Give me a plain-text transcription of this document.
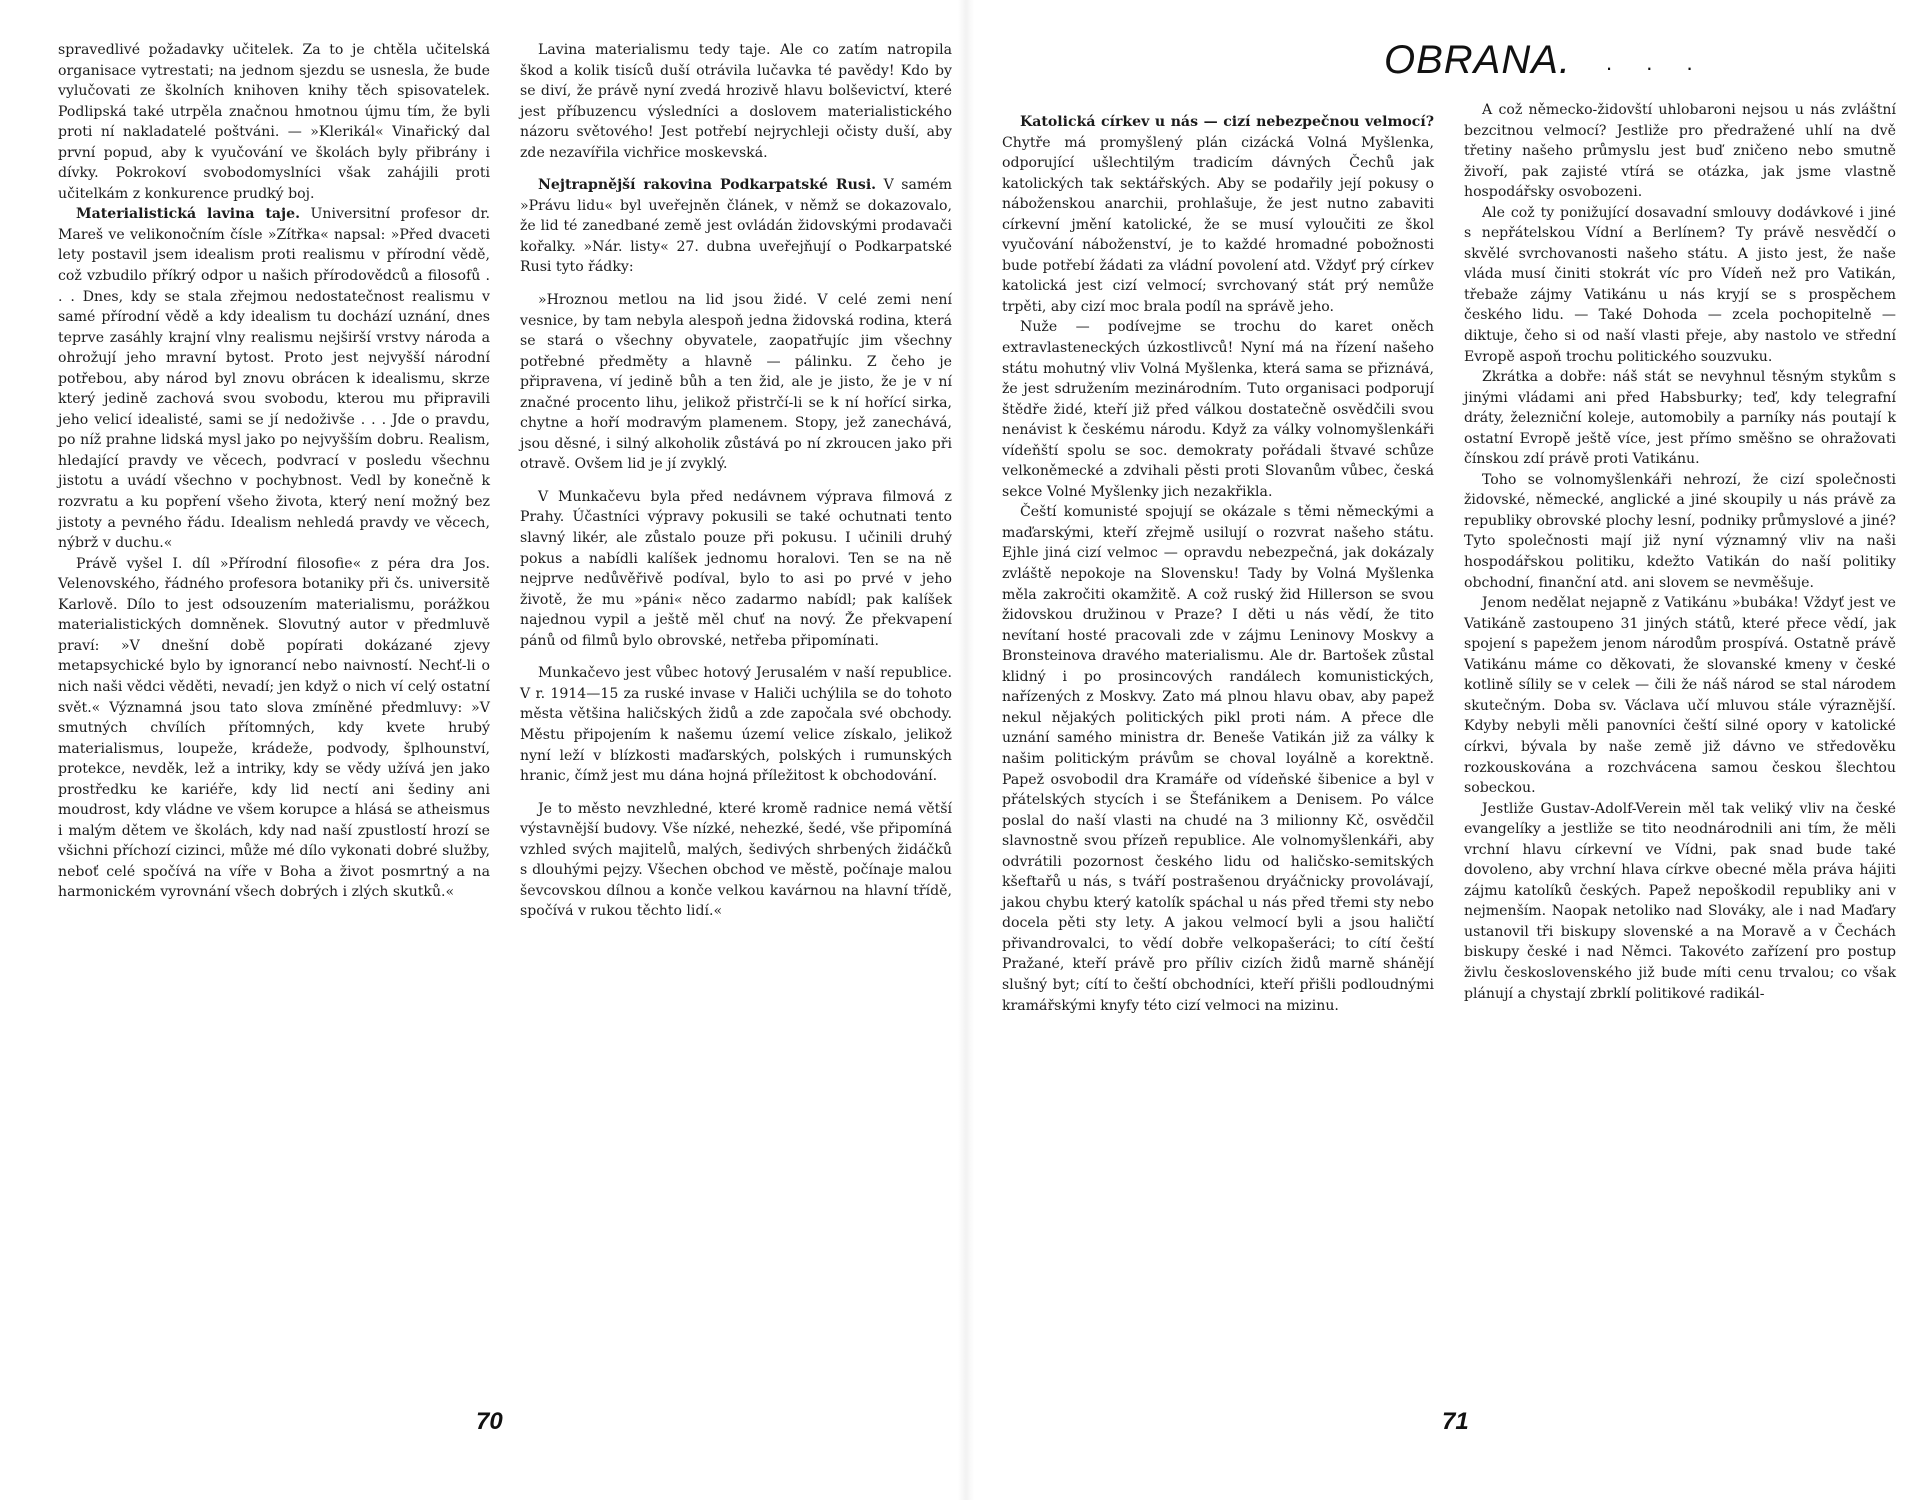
spravedlivé požadavky učitelek. Za to je chtěla učitelská organisace vytrestati; na jednom sjezdu se usnesla, že bude vylučovati ze školních knihoven knihy těch spisovatelek. Podlipská také utrpěla značnou hmotnou újmu tím, že byli proti ní nakladatelé poštváni. — »Klerikál« Vinařický dal první popud, aby k vyučování ve školách byly přibrány i dívky. Pokrokoví svobodomyslníci však zahájili proti učitelkám z konkurence prudký boj.

Materialistická lavina taje. Universitní profesor dr. Mareš ve velikonočním čísle »Zítřka« napsal: »Před dvaceti lety postavil jsem idealism proti realismu v přírodní vědě, což vzbudilo příkrý odpor u našich přírodovědců a filosofů . . . Dnes, kdy se stala zřejmou nedostatečnost realismu v samé přírodní vědě a kdy idealism tu dochází uznání, dnes teprve zasáhly krajní vlny realismu nejširší vrstvy národa a ohrožují jeho mravní bytost. Proto jest nejvyšší národní potřebou, aby národ byl znovu obrácen k idealismu, skrze který jedině zachová svou svobodu, kterou mu připravili jeho velicí idealisté, sami se jí nedoživše . . . Jde o pravdu, po níž prahne lidská mysl jako po nejvyšším dobru. Realism, hledající pravdy ve věcech, podvrací v posledu všechnu jistotu a uvádí všechno v pochybnost. Vedl by konečně k rozvratu a ku popření všeho života, který není možný bez jistoty a pevného řádu. Idealism nehledá pravdy ve věcech, nýbrž v duchu.«

Právě vyšel I. díl »Přírodní filosofie« z péra dra Jos. Velenovského, řádného profesora botaniky při čs. universitě Karlově. Dílo to jest odsouzením materialismu, porážkou materialistických domněnek. Slovutný autor v předmluvě praví: »V dnešní době popírati dokázané zjevy metapsychické bylo by ignorancí nebo naivností. Nechť-li o nich naši vědci věděti, nevadí; jen když o nich ví celý ostatní svět.« Významná jsou tato slova zmíněné předmluvy: »V smutných chvílích přítomných, kdy kvete hrubý materialismus, loupeže, krádeže, podvody, šplhounství, protekce, nevděk, lež a intriky, kdy se vědy užívá jen jako prostředku ke kariéře, kdy lid nectí ani šediny ani moudrost, kdy vládne ve všem korupce a hlásá se atheismus i malým dětem ve školách, kdy nad naší zpustlostí hrozí se všichni příchozí cizinci, může mé dílo vykonati dobré služby, neboť celé spočívá na víře v Boha a život posmrtný a na harmonickém vyrovnání všech dobrých i zlých skutků.«

Lavina materialismu tedy taje. Ale co zatím natropila škod a kolik tisíců duší otrávila lučavka té pavědy! Kdo by se diví, že právě nyní zvedá hrozivě hlavu bolševictví, které jest příbuzencu výsledníci a doslovem materialistického názoru světového! Jest potřebí nejrychleji očisty duší, aby zde nezavířila vichřice moskevská.

Nejtrapnější rakovina Podkarpatské Rusi. V samém »Právu lidu« byl uveřejněn článek, v němž se dokazovalo, že lid té zanedbané země jest ovládán židovskými prodavači kořalky. »Nár. listy« 27. dubna uveřejňují o Podkarpatské Rusi tyto řádky:

»Hroznou metlou na lid jsou židé. V celé zemi není vesnice, by tam nebyla alespoň jedna židovská rodina, která se stará o všechny obyvatele, zaopatřujíc jim všechny potřebné předměty a hlavně — pálinku. Z čeho je připravena, ví jedině bůh a ten žid, ale je jisto, že je v ní značné procento lihu, jelikož přistrčí-li se k ní hořící sirka, chytne a hoří modravým plamenem. Stopy, jež zanechává, jsou děsné, i silný alkoholik zůstává po ní zkroucen jako při otravě. Ovšem lid je jí zvyklý.

V Munkačevu byla před nedávnem výprava filmová z Prahy. Účastníci výpravy pokusili se také ochutnati tento slavný likér, ale zůstalo pouze při pokusu. I učinili druhý pokus a nabídli kalíšek jednomu horalovi. Ten se na ně nejprve nedůvěřivě podíval, bylo to asi po prvé v jeho životě, že mu »páni« něco zadarmo nabídl; pak kalíšek najednou vypil a ještě měl chuť na nový. Že překvapení pánů od filmů bylo obrovské, netřeba připomínati.

Munkačevo jest vůbec hotový Jerusalém v naší republice. V r. 1914—15 za ruské invase v Haliči uchýlila se do tohoto města většina haličských židů a zde započala své obchody. Městu připojením k našemu území velice získalo, jelikož nyní leží v blízkosti maďarských, polských i rumunských hranic, čímž jest mu dána hojná příležitost k obchodování.

Je to město nevzhledné, které kromě radnice nemá větší výstavnější budovy. Vše nízké, nehezké, šedé, vše připomíná vzhled svých majitelů, malých, šedivých shrbených židáčků s dlouhými pejzy. Všechen obchod ve městě, počínaje malou ševcovskou dílnou a konče velkou kavárnou na hlavní třídě, spočívá v rukou těchto lidí.«

70
OBRANA. . . .

Katolická církev u nás — cizí nebezpečnou velmocí? Chytře má promyšlený plán cizácká Volná Myšlenka, odporující ušlechtilým tradicím dávných Čechů jak katolických tak sektářských. Aby se podařily její pokusy o náboženskou anarchii, prohlašuje, že jest nutno zabaviti církevní jmění katolické, že se musí vyloučiti ze škol vyučování náboženství, je to každé hromadné pobožnosti bude potřebí žádati za vládní povolení atd. Vždyť prý církev katolická jest cizí velmocí; svrchovaný stát prý nemůže trpěti, aby cizí moc brala podíl na správě jeho.

Nuže — podívejme se trochu do karet oněch extravlasteneckých úzkostlivců! Nyní má na řízení našeho státu mohutný vliv Volná Myšlenka, která sama se přiznává, že jest sdružením mezinárodním. Tuto organisaci podporují štědře židé, kteří již před válkou dostatečně osvědčili svou nenávist k českému národu. Když za války volnomyšlenkáři vídeňští spolu se soc. demokraty pořádali štvavé schůze velkoněmecké a zdvihali pěsti proti Slovanům vůbec, česká sekce Volné Myšlenky jich nezakřikla.

Čeští komunisté spojují se okázale s těmi německými a maďarskými, kteří zřejmě usilují o rozvrat našeho státu. Ejhle jiná cizí velmoc — opravdu nebezpečná, jak dokázaly zvláště nepokoje na Slovensku! Tady by Volná Myšlenka měla zakročiti okamžitě. A což ruský žid Hillerson se svou židovskou družinou v Praze? I děti u nás vědí, že tito nevítaní hosté pracovali zde v zájmu Leninovy Moskvy a Bronsteinova dravého materialismu. Ale dr. Bartošek zůstal klidný i po prosincových randálech komunistických, nařízených z Moskvy. Zato má plnou hlavu obav, aby papež nekul nějakých politických pikl proti nám. A přece dle uznání samého ministra dr. Beneše Vatikán již za války k našim politickým právům se choval loyálně a korektně. Papež osvobodil dra Kramáře od vídeňské šibenice a byl v přátelských stycích i se Štefánikem a Denisem. Po válce poslal do naší vlasti na chudé na 3 milionny Kč, osvědčil slavnostně svou přízeň republice. Ale volnomyšlenkáři, aby odvrátili pozornost českého lidu od haličsko-semitských kšeftařů u nás, s tváří postrašenou dryáčnicky provolávají, jakou chybu který katolík spáchal u nás před třemi sty nebo docela pěti sty lety. A jakou velmocí byli a jsou haličtí přivandrovalci, to vědí dobře velkopašeráci; to cítí čeští Pražané, kteří právě pro příliv cizích židů marně shánějí slušný byt; cítí to čeští obchodníci, kteří přišli podloudnými kramářskými knyfy této cizí velmoci na mizinu.

A což německo-židovští uhlobaroni nejsou u nás zvláštní bezcitnou velmocí? Jestliže pro předražené uhlí na dvě třetiny našeho průmyslu jest buď zničeno nebo smutně živoří, pak zajisté vtírá se otázka, jak jsme vlastně hospodářsky osvobozeni.

Ale což ty ponižující dosavadní smlouvy dodávkové i jiné s nepřátelskou Vídní a Berlínem? Ty právě nesvědčí o skvělé svrchovanosti našeho státu. A jisto jest, že naše vláda musí činiti stokrát víc pro Vídeň než pro Vatikán, třebaže zájmy Vatikánu u nás kryjí se s prospěchem českého lidu. — Také Dohoda — zcela pochopitelně — diktuje, čeho si od naší vlasti přeje, aby nastolo ve střední Evropě aspoň trochu politického souzvuku.

Zkrátka a dobře: náš stát se nevyhnul těsným stykům s jinými vládami ani před Habsburky; teď, kdy telegrafní dráty, železniční koleje, automobily a parníky nás poutají k ostatní Evropě ještě více, jest přímo směšno se ohražovati čínskou zdí právě proti Vatikánu.

Toho se volnomyšlenkáři nehrozí, že cizí společnosti židovské, německé, anglické a jiné skoupily u nás právě za republiky obrovské plochy lesní, podniky průmyslové a jiné? Tyto společnosti mají již nyní významný vliv na naši hospodářskou politiku, kdežto Vatikán do naší politiky obchodní, finanční atd. ani slovem se nevměšuje.

Jenom nedělat nejapně z Vatikánu »bubáka! Vždyť jest ve Vatikáně zastoupeno 31 jiných států, které přece vědí, jak spojení s papežem jenom národům prospívá. Ostatně právě Vatikánu máme co děkovati, že slovanské kmeny v české kotlině sílily se v celek — čili že náš národ se stal národem skutečným. Doba sv. Václava učí mluvou stále výraznější. Kdyby nebyli měli panovníci čeští silné opory v katolické církvi, bývala by naše země již dávno ve středověku rozkouskována a rozchvácena samou českou šlechtou sobeckou.

Jestliže Gustav-Adolf-Verein měl tak veliký vliv na české evangelíky a jestliže se tito neodnárodnili ani tím, že měli vrchní hlavu církevní ve Vídni, pak snad bude také dovoleno, aby vrchní hlava církve obecné měla práva hájiti zájmu katolíků českých. Papež nepoškodil republiky ani v nejmenším. Naopak netoliko nad Slováky, ale i nad Maďary ustanovil tři biskupy slovenské a na Moravě a v Čechách biskupy české i nad Němci. Takovéto zařízení pro postup živlu československého již bude míti cenu trvalou; co však plánují a chystají zbrklí politikové radikál-

71
